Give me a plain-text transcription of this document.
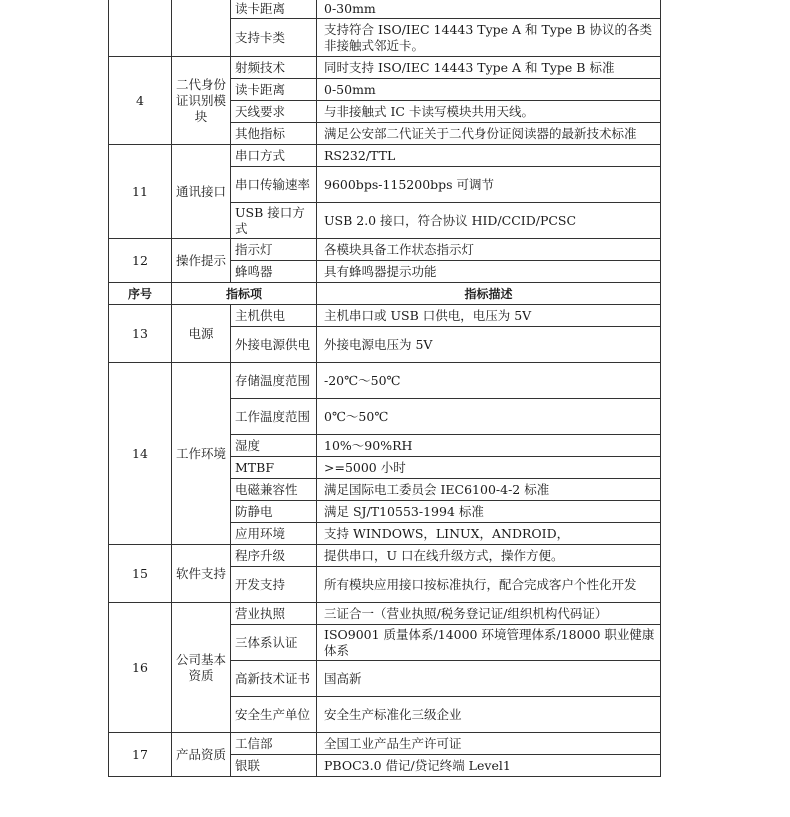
		读卡距离	0-30mm
		支持卡类	支持符合 ISO/IEC 14443 Type A 和 Type B 协议的各类非接触式邻近卡。
4	二代身份证识别模块	射频技术	同时支持 ISO/IEC 14443 Type A 和 Type B 标准
		读卡距离	0-50mm
		天线要求	与非接触式 IC 卡读写模块共用天线。
		其他指标	满足公安部二代证关于二代身份证阅读器的最新技术标准
11	通讯接口	串口方式	RS232/TTL
		串口传输速率	9600bps-115200bps 可调节
		USB 接口方式	USB 2.0 接口，符合协议 HID/CCID/PCSC
12	操作提示	指示灯	各模块具备工作状态指示灯
		蜂鸣器	具有蜂鸣器提示功能
序号	指标项		指标描述
13	电源	主机供电	主机串口或 USB 口供电，电压为 5V
		外接电源供电	外接电源电压为 5V
14	工作环境	存储温度范围	-20℃～50℃
		工作温度范围	0℃～50℃
		湿度	10%～90%RH
		MTBF	>=5000 小时
		电磁兼容性	满足国际电工委员会 IEC6100-4-2 标准
		防静电	满足 SJ/T10553-1994 标准
		应用环境	支持 WINDOWS，LINUX，ANDROID，
15	软件支持	程序升级	提供串口，U 口在线升级方式，操作方便。
		开发支持	所有模块应用接口按标准执行，配合完成客户个性化开发
16	公司基本资质	营业执照	三证合一（营业执照/税务登记证/组织机构代码证）
		三体系认证	ISO9001 质量体系/14000 环境管理体系/18000 职业健康体系
		高新技术证书	国高新
		安全生产单位	安全生产标准化三级企业
17	产品资质	工信部	全国工业产品生产许可证
		银联	PBOC3.0 借记/贷记终端 Level1
